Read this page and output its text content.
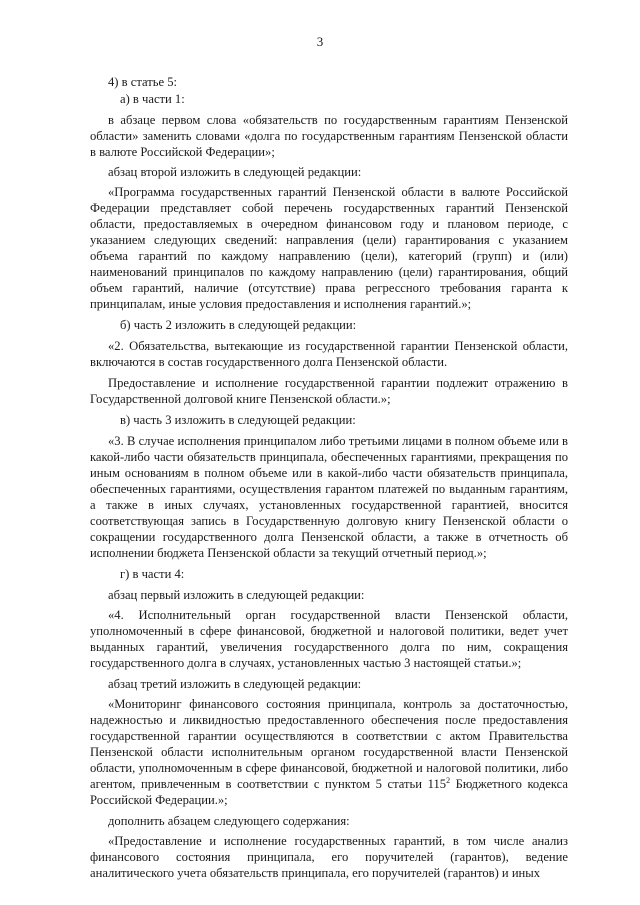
3
4) в статье 5:
а) в части 1:

в абзаце первом слова «обязательств по государственным гарантиям Пензенской области» заменить словами «долга по государственным гарантиям Пензенской области в валюте Российской Федерации»;

абзац второй изложить в следующей редакции:

«Программа государственных гарантий Пензенской области в валюте Российской Федерации представляет собой перечень государственных гарантий Пензенской области, предоставляемых в очередном финансовом году и плановом периоде, с указанием следующих сведений: направления (цели) гарантирования с указанием объема гарантий по каждому направлению (цели), категорий (групп) и (или) наименований принципалов по каждому направлению (цели) гарантирования, общий объем гарантий, наличие (отсутствие) права регрессного требования гаранта к принципалам, иные условия предоставления и исполнения гарантий.»;

б) часть 2 изложить в следующей редакции:

«2. Обязательства, вытекающие из государственной гарантии Пензенской области, включаются в состав государственного долга Пензенской области.

Предоставление и исполнение государственной гарантии подлежит отражению в Государственной долговой книге Пензенской области.»;

в) часть 3 изложить в следующей редакции:

«3. В случае исполнения принципалом либо третьими лицами в полном объеме или в какой-либо части обязательств принципала, обеспеченных гарантиями, прекращения по иным основаниям в полном объеме или в какой-либо части обязательств принципала, обеспеченных гарантиями, осуществления гарантом платежей по выданным гарантиям, а также в иных случаях, установленных государственной гарантией, вносится соответствующая запись в Государственную долговую книгу Пензенской области о сокращении государственного долга Пензенской области, а также в отчетность об исполнении бюджета Пензенской области за текущий отчетный период.»;

г) в части 4:

абзац первый изложить в следующей редакции:

«4. Исполнительный орган государственной власти Пензенской области, уполномоченный в сфере финансовой, бюджетной и налоговой политики, ведет учет выданных гарантий, увеличения государственного долга по ним, сокращения государственного долга в случаях, установленных частью 3 настоящей статьи.»;

абзац третий изложить в следующей редакции:

«Мониторинг финансового состояния принципала, контроль за достаточностью, надежностью и ликвидностью предоставленного обеспечения после предоставления государственной гарантии осуществляются в соответствии с актом Правительства Пензенской области исполнительным органом государственной власти Пензенской области, уполномоченным в сфере финансовой, бюджетной и налоговой политики, либо агентом, привлеченным в соответствии с пунктом 5 статьи $115^2$ Бюджетного кодекса Российской Федерации.»;

дополнить абзацем следующего содержания:

«Предоставление и исполнение государственных гарантий, в том числе анализ финансового состояния принципала, его поручителей (гарантов), ведение аналитического учета обязательств принципала, его поручителей (гарантов) и иных
